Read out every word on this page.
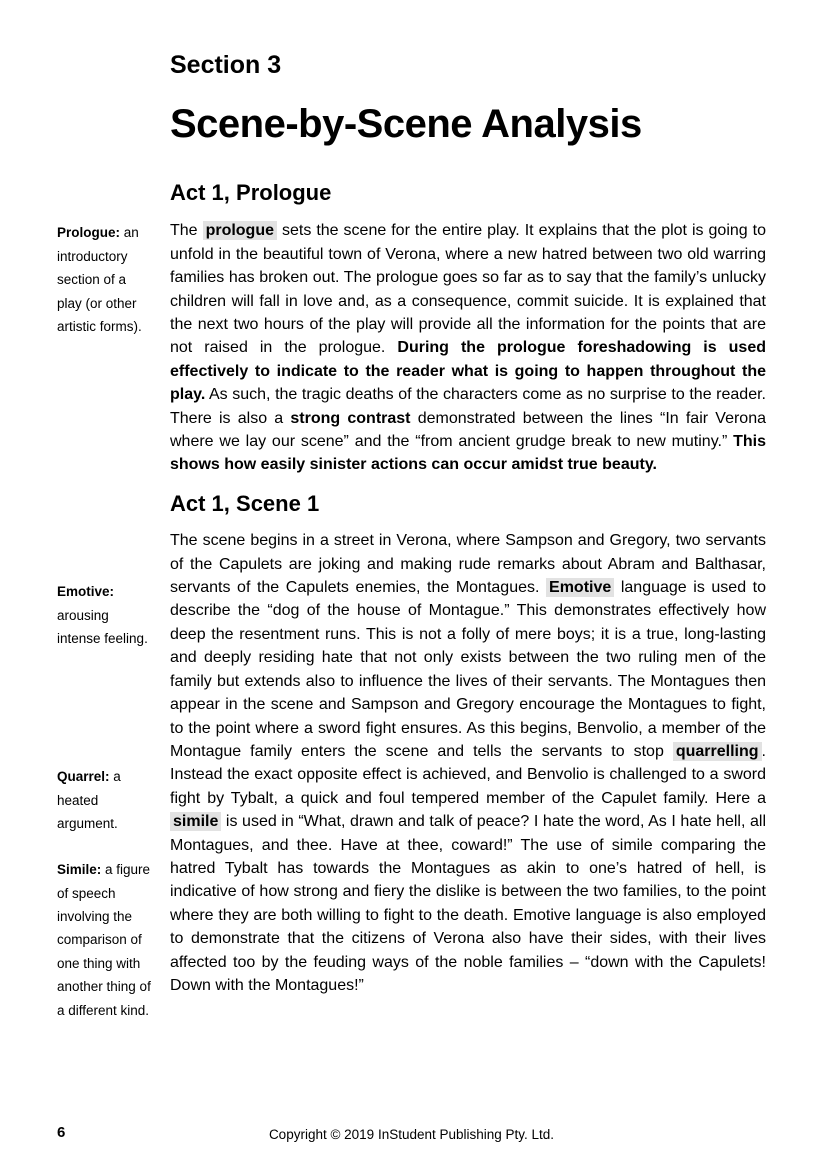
Section 3
Scene-by-Scene Analysis
Act 1, Prologue
Prologue: an
introductory
section of a
play (or other
artistic forms).
The prologue sets the scene for the entire play. It explains that the plot is going to unfold in the beautiful town of Verona, where a new hatred between two old warring families has broken out. The prologue goes so far as to say that the family’s unlucky children will fall in love and, as a consequence, commit suicide. It is explained that the next two hours of the play will provide all the information for the points that are not raised in the prologue. During the prologue foreshadowing is used effectively to indicate to the reader what is going to happen throughout the play. As such, the tragic deaths of the characters come as no surprise to the reader. There is also a strong contrast demonstrated between the lines “In fair Verona where we lay our scene” and the “from ancient grudge break to new mutiny.” This shows how easily sinister actions can occur amidst true beauty.
Act 1, Scene 1
Emotive:
arousing
intense feeling.
Quarrel: a
heated
argument.
Simile: a figure
of speech
involving the
comparison of
one thing with
another thing of
a different kind.
The scene begins in a street in Verona, where Sampson and Gregory, two servants of the Capulets are joking and making rude remarks about Abram and Balthasar, servants of the Capulets enemies, the Montagues. Emotive language is used to describe the “dog of the house of Montague.” This demonstrates effectively how deep the resentment runs. This is not a folly of mere boys; it is a true, long-lasting and deeply residing hate that not only exists between the two ruling men of the family but extends also to influence the lives of their servants. The Montagues then appear in the scene and Sampson and Gregory encourage the Montagues to fight, to the point where a sword fight ensures. As this begins, Benvolio, a member of the Montague family enters the scene and tells the servants to stop quarrelling . Instead the exact opposite effect is achieved, and Benvolio is challenged to a sword fight by Tybalt, a quick and foul tempered member of the Capulet family. Here a simile is used in “What, drawn and talk of peace? I hate the word, As I hate hell, all Montagues, and thee. Have at thee, coward!” The use of simile comparing the hatred Tybalt has towards the Montagues as akin to one’s hatred of hell, is indicative of how strong and fiery the dislike is between the two families, to the point where they are both willing to fight to the death. Emotive language is also employed to demonstrate that the citizens of Verona also have their sides, with their lives affected too by the feuding ways of the noble families – “down with the Capulets! Down with the Montagues!”
6	Copyright © 2019 InStudent Publishing Pty. Ltd.
